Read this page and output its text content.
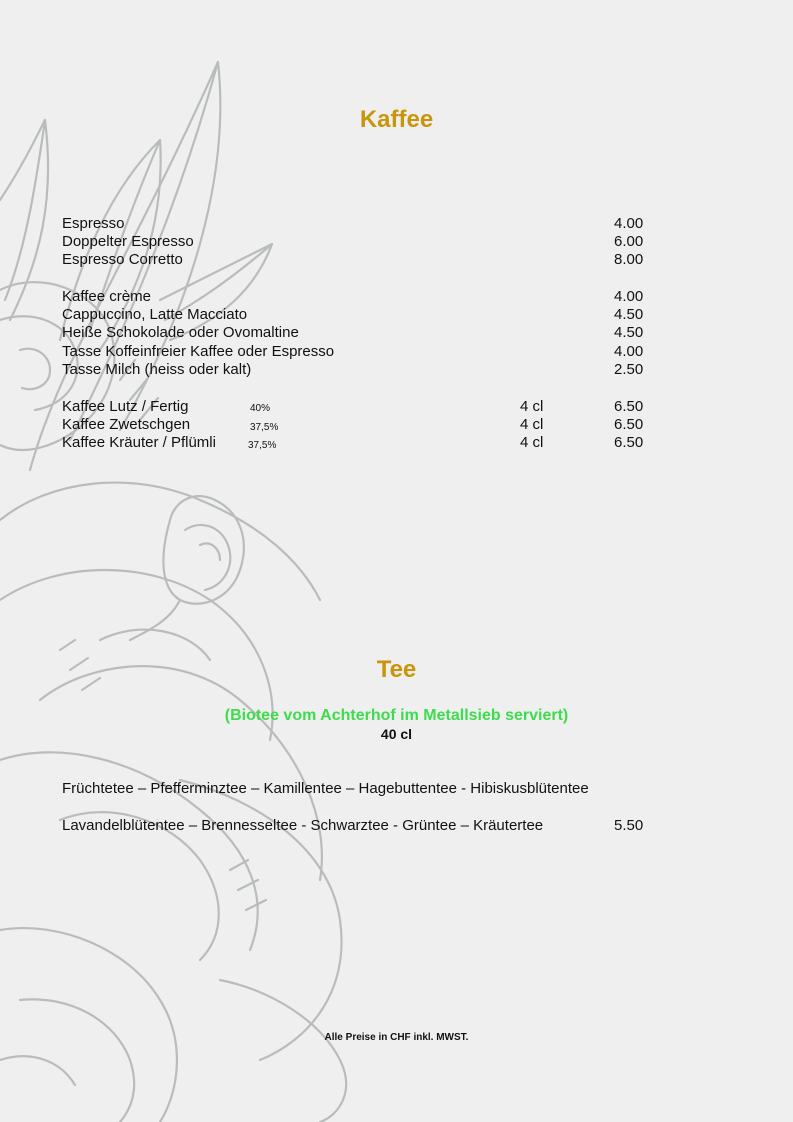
Kaffee
Espresso	4.00
Doppelter Espresso	6.00
Espresso Corretto	8.00
Kaffee crème	4.00
Cappuccino, Latte Macciato	4.50
Heiße Schokolade oder Ovomaltine	4.50
Tasse Koffeinfreier Kaffee oder Espresso	4.00
Tasse Milch (heiss oder kalt)	2.50
Kaffee Lutz / Fertig	40%	4 cl	6.50
Kaffee Zwetschgen	37,5%	4 cl	6.50
Kaffee Kräuter / Pflümli	37,5%	4 cl	6.50
Tee

(Biotee vom Achterhof im Metallsieb serviert)

40 cl

Früchtetee – Pfefferminztee – Kamillentee – Hagebuttentee - Hibiskusblütentee
Lavandelblütentee – Brennesseltee - Schwarztee - Grüntee – Kräutertee	5.50
Alle Preise in CHF inkl. MWST.
